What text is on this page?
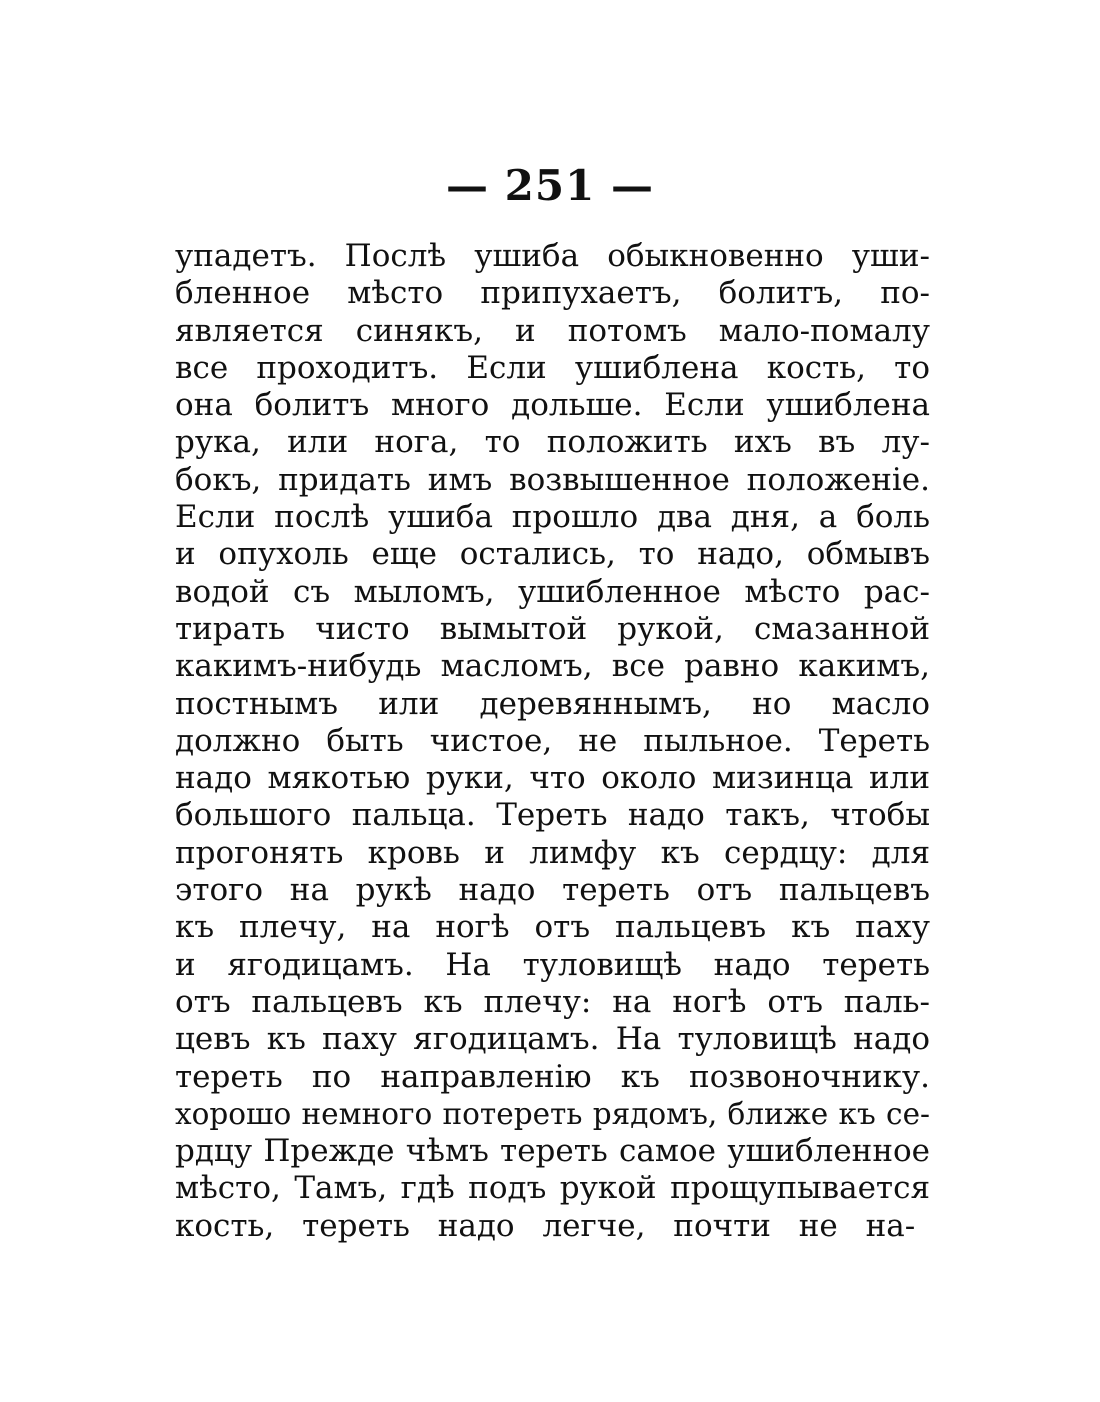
— 251 —
упадетъ. Послѣ ушиба обыкновенно уши-
бленное мѣсто припухаетъ, болитъ, по-
является синякъ, и потомъ мало-помалу
все проходитъ. Если ушиблена кость, то
она болитъ много дольше. Если ушиблена
рука, или нога, то положить ихъ въ лу-
бокъ, придать имъ возвышенное положеніе.
Если послѣ ушиба прошло два дня, а боль
и опухоль еще остались, то надо, обмывъ
водой съ мыломъ, ушибленное мѣсто рас-
тирать чисто вымытой рукой, смазанной
какимъ-нибудь масломъ, все равно какимъ,
постнымъ или деревяннымъ, но масло
должно быть чистое, не пыльное. Тереть
надо мякотью руки, что около мизинца или
большого пальца. Тереть надо такъ, чтобы
прогонять кровь и лимфу къ сердцу: для
этого на рукѣ надо тереть отъ пальцевъ
къ плечу, на ногѣ отъ пальцевъ къ паху
и ягодицамъ. На туловищѣ надо тереть
отъ пальцевъ къ плечу: на ногѣ отъ паль-
цевъ къ паху ягодицамъ. На туловищѣ надо
тереть по направленію къ позвоночнику.
хорошо немного потереть рядомъ, ближе къ се-
рдцу Прежде чѣмъ тереть самое ушибленное
мѣсто, Тамъ, гдѣ подъ рукой прощупывается
кость, тереть надо легче, почти не на-
